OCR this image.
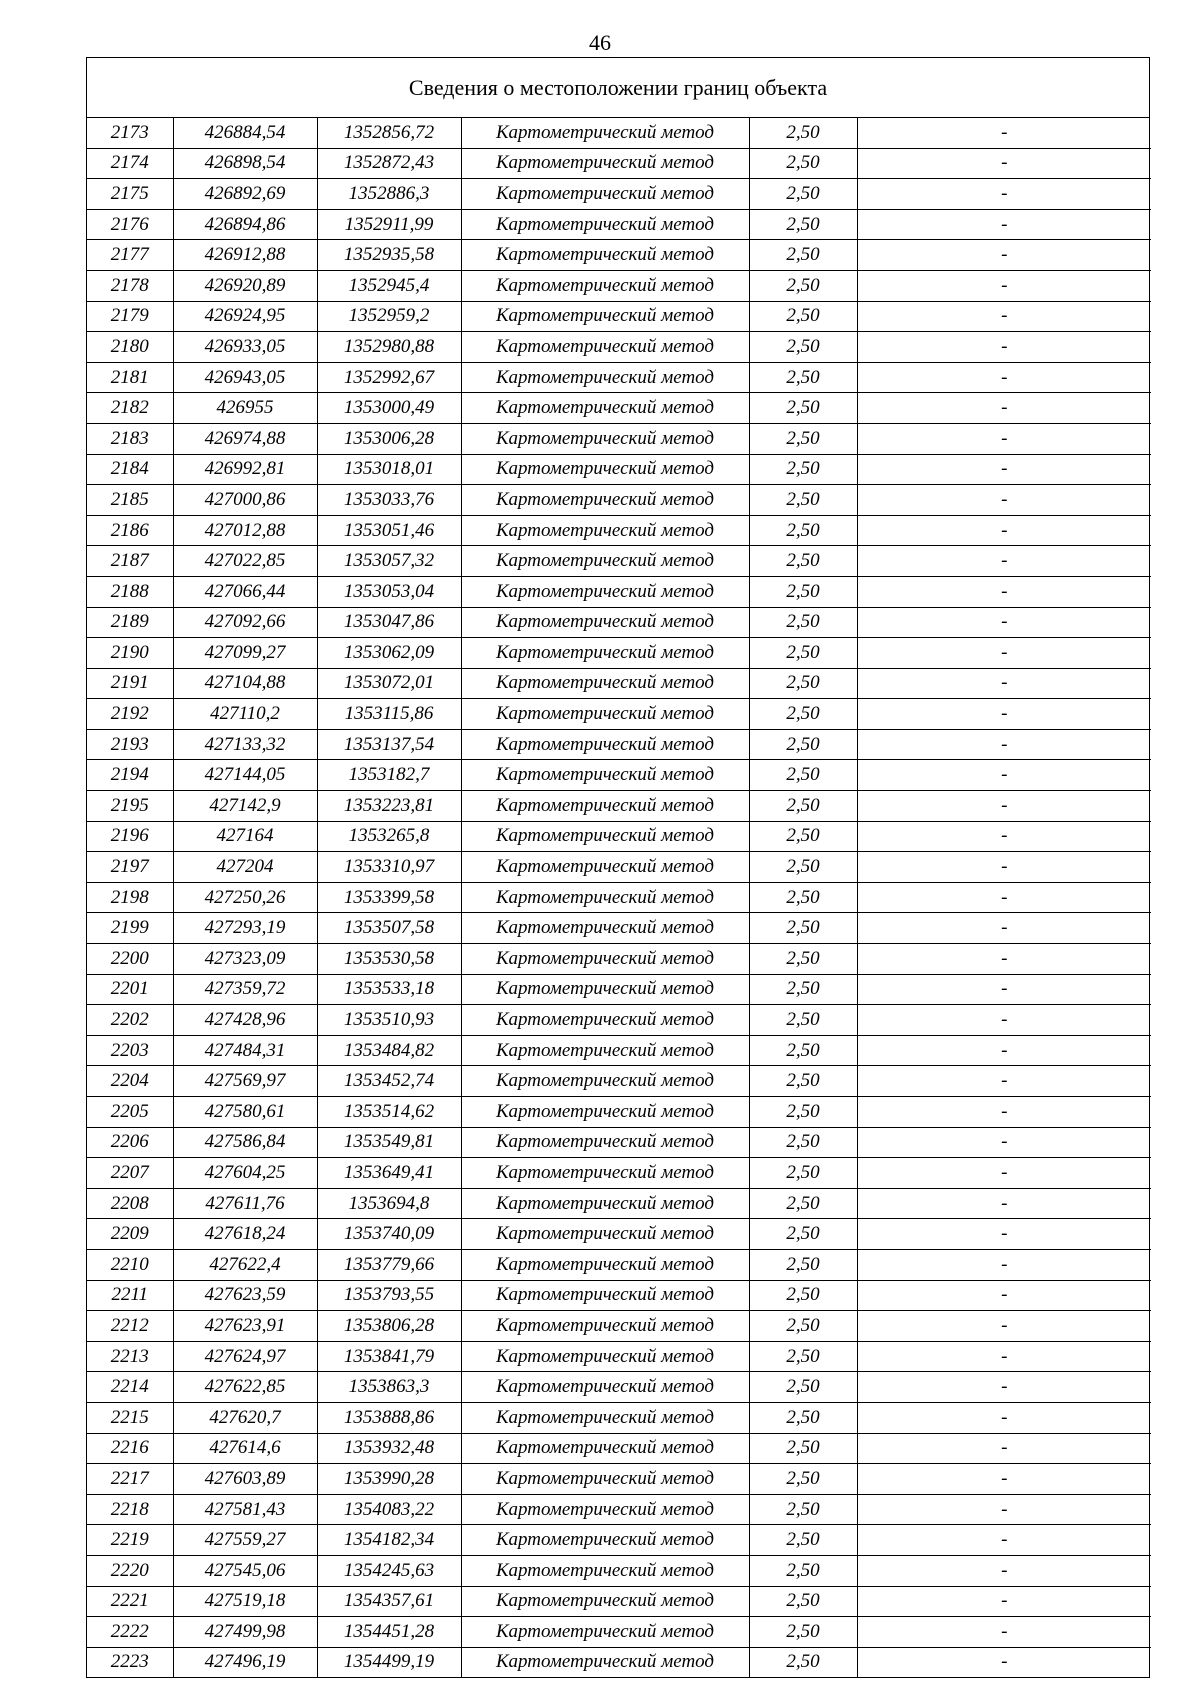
46
Сведения о местоположении границ объекта
2173	426884,54	1352856,72	Картометрический метод	2,50	-
2174	426898,54	1352872,43	Картометрический метод	2,50	-
2175	426892,69	1352886,3	Картометрический метод	2,50	-
2176	426894,86	1352911,99	Картометрический метод	2,50	-
2177	426912,88	1352935,58	Картометрический метод	2,50	-
2178	426920,89	1352945,4	Картометрический метод	2,50	-
2179	426924,95	1352959,2	Картометрический метод	2,50	-
2180	426933,05	1352980,88	Картометрический метод	2,50	-
2181	426943,05	1352992,67	Картометрический метод	2,50	-
2182	426955	1353000,49	Картометрический метод	2,50	-
2183	426974,88	1353006,28	Картометрический метод	2,50	-
2184	426992,81	1353018,01	Картометрический метод	2,50	-
2185	427000,86	1353033,76	Картометрический метод	2,50	-
2186	427012,88	1353051,46	Картометрический метод	2,50	-
2187	427022,85	1353057,32	Картометрический метод	2,50	-
2188	427066,44	1353053,04	Картометрический метод	2,50	-
2189	427092,66	1353047,86	Картометрический метод	2,50	-
2190	427099,27	1353062,09	Картометрический метод	2,50	-
2191	427104,88	1353072,01	Картометрический метод	2,50	-
2192	427110,2	1353115,86	Картометрический метод	2,50	-
2193	427133,32	1353137,54	Картометрический метод	2,50	-
2194	427144,05	1353182,7	Картометрический метод	2,50	-
2195	427142,9	1353223,81	Картометрический метод	2,50	-
2196	427164	1353265,8	Картометрический метод	2,50	-
2197	427204	1353310,97	Картометрический метод	2,50	-
2198	427250,26	1353399,58	Картометрический метод	2,50	-
2199	427293,19	1353507,58	Картометрический метод	2,50	-
2200	427323,09	1353530,58	Картометрический метод	2,50	-
2201	427359,72	1353533,18	Картометрический метод	2,50	-
2202	427428,96	1353510,93	Картометрический метод	2,50	-
2203	427484,31	1353484,82	Картометрический метод	2,50	-
2204	427569,97	1353452,74	Картометрический метод	2,50	-
2205	427580,61	1353514,62	Картометрический метод	2,50	-
2206	427586,84	1353549,81	Картометрический метод	2,50	-
2207	427604,25	1353649,41	Картометрический метод	2,50	-
2208	427611,76	1353694,8	Картометрический метод	2,50	-
2209	427618,24	1353740,09	Картометрический метод	2,50	-
2210	427622,4	1353779,66	Картометрический метод	2,50	-
2211	427623,59	1353793,55	Картометрический метод	2,50	-
2212	427623,91	1353806,28	Картометрический метод	2,50	-
2213	427624,97	1353841,79	Картометрический метод	2,50	-
2214	427622,85	1353863,3	Картометрический метод	2,50	-
2215	427620,7	1353888,86	Картометрический метод	2,50	-
2216	427614,6	1353932,48	Картометрический метод	2,50	-
2217	427603,89	1353990,28	Картометрический метод	2,50	-
2218	427581,43	1354083,22	Картометрический метод	2,50	-
2219	427559,27	1354182,34	Картометрический метод	2,50	-
2220	427545,06	1354245,63	Картометрический метод	2,50	-
2221	427519,18	1354357,61	Картометрический метод	2,50	-
2222	427499,98	1354451,28	Картометрический метод	2,50	-
2223	427496,19	1354499,19	Картометрический метод	2,50	-
